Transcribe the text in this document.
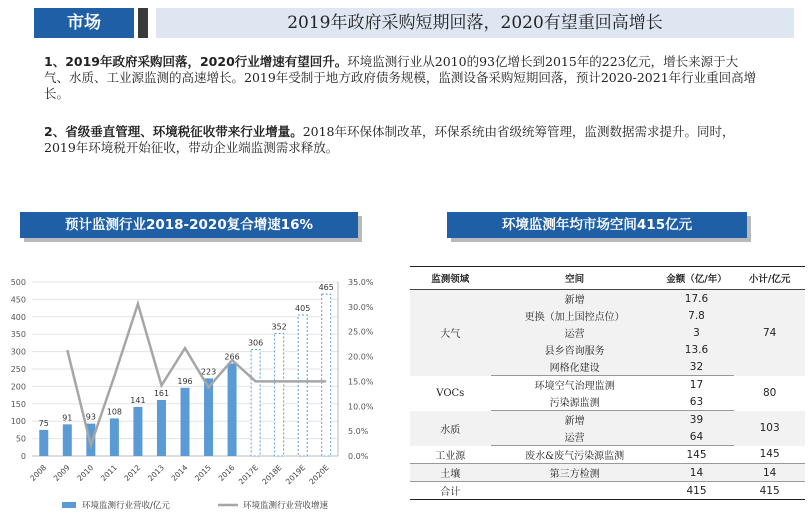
市场	2019年政府采购短期回落，2020有望重回高增长
1、2019年政府采购回落，2020行业增速有望回升。环境监测行业从2010的93亿增长到2015年的223亿元，增长来源于大气、水质、工业源监测的高速增长。2019年受制于地方政府债务规模，监测设备采购短期回落，预计2020-2021年行业重回高增长。
2、省级垂直管理、环境税征收带来行业增量。2018年环保体制改革，环保系统由省级统筹管理，监测数据需求提升。同时，2019年环境税开始征收，带动企业端监测需求释放。
预计监测行业2018-2020复合增速16%	环境监测年均市场空间415亿元
0
50
100
150
200
250
300
350
400
450
500
0.0%
5.0%
10.0%
15.0%
20.0%
25.0%
30.0%
35.0%
75
2008
91
2009
93
2010
108
2011
141
2012
161
2013
196
2014
223
2015
266
2016
306
2017E
352
2018E
405
2019E
465
2020E
环境监测行业营收/亿元	环境监测行业营收增速
监测领域	空间	金额（亿/年）	小计/亿元
大气	新增	17.6	74
	更换（加上国控点位）	7.8	
	运营	3	
	县乡咨询服务	13.6	
	网格化建设	32	
VOCs	环境空气治理监测	17	80
	污染源监测	63	
水质	新增	39	103
	运营	64	
工业源	废水&废气污染源监测	145	145
土壤	第三方检测	14	14
合计		415	415
